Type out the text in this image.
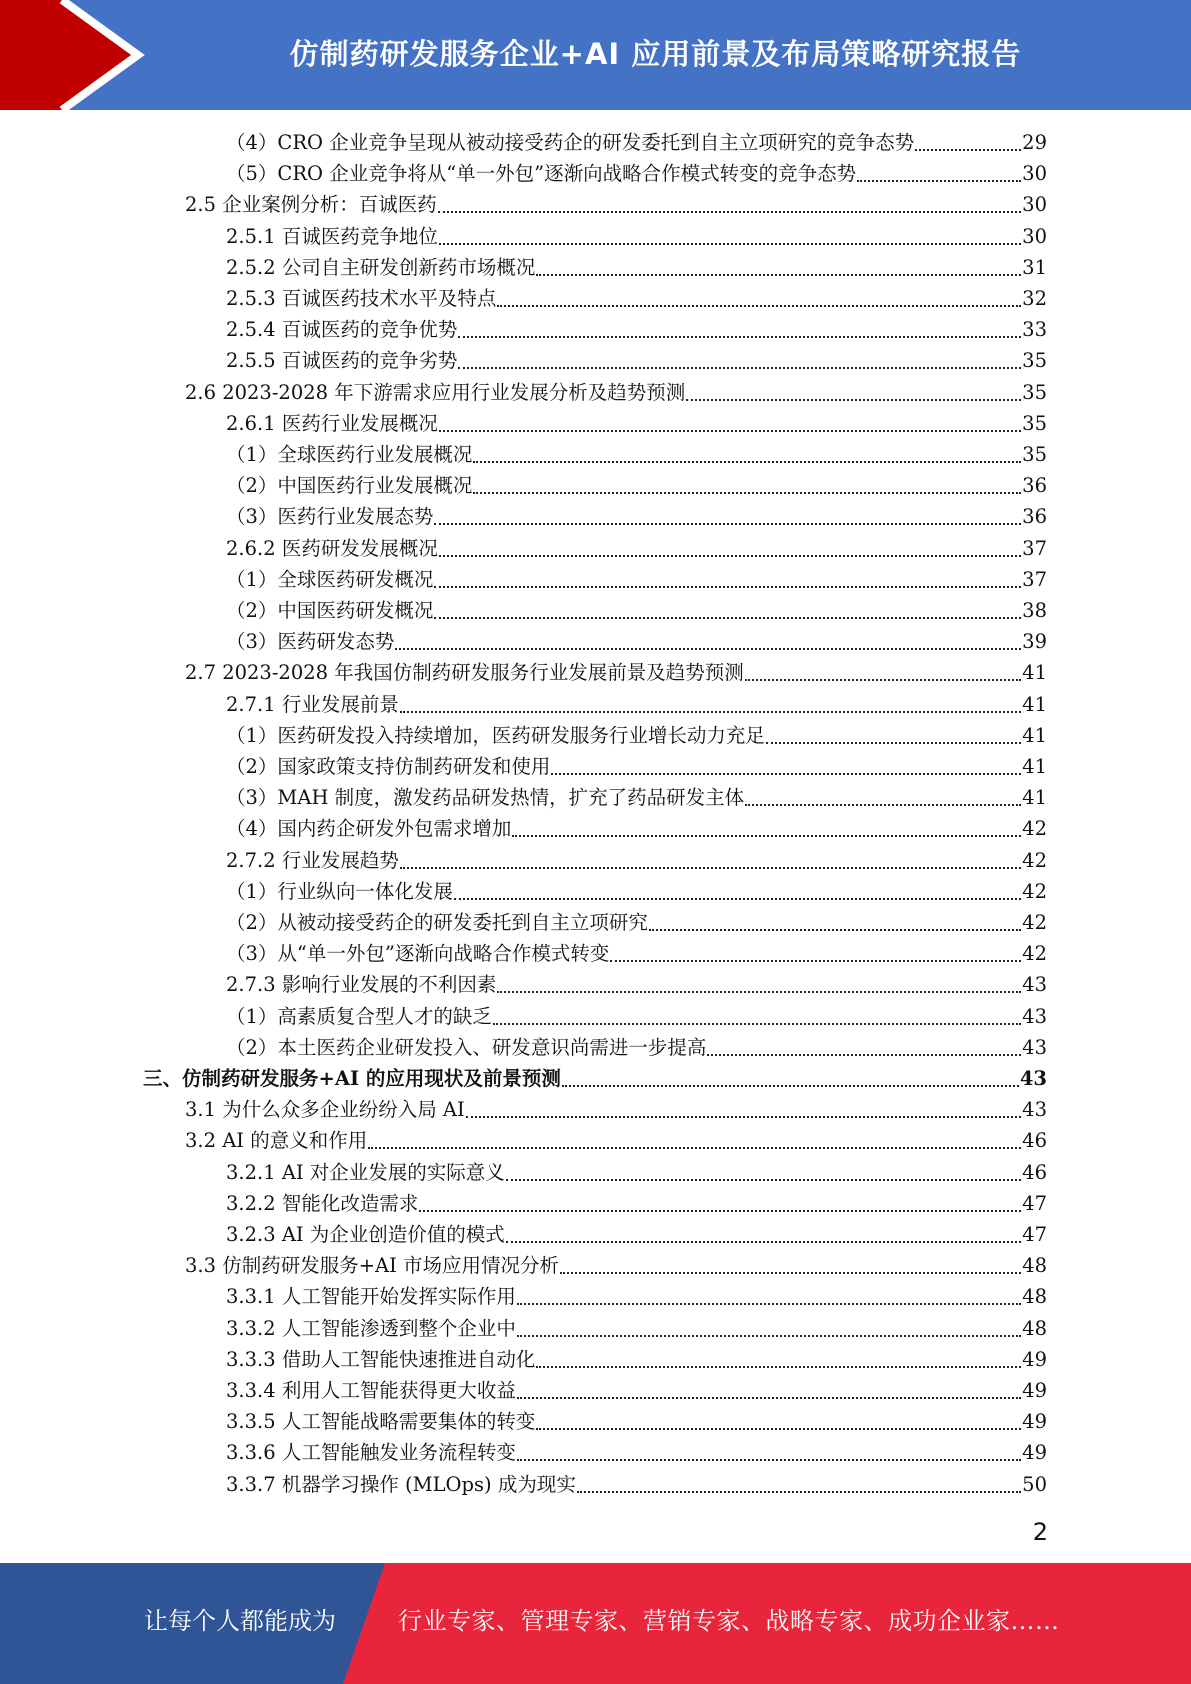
仿制药研发服务企业+AI 应用前景及布局策略研究报告
（4）CRO 企业竞争呈现从被动接受药企的研发委托到自主立项研究的竞争态势	29
（5）CRO 企业竞争将从“单一外包”逐渐向战略合作模式转变的竞争态势	30
2.5 企业案例分析：百诚医药	30
2.5.1 百诚医药竞争地位	30
2.5.2 公司自主研发创新药市场概况	31
2.5.3 百诚医药技术水平及特点	32
2.5.4 百诚医药的竞争优势	33
2.5.5 百诚医药的竞争劣势	35
2.6 2023-2028 年下游需求应用行业发展分析及趋势预测	35
2.6.1 医药行业发展概况	35
（1）全球医药行业发展概况	35
（2）中国医药行业发展概况	36
（3）医药行业发展态势	36
2.6.2 医药研发发展概况	37
（1）全球医药研发概况	37
（2）中国医药研发概况	38
（3）医药研发态势	39
2.7 2023-2028 年我国仿制药研发服务行业发展前景及趋势预测	41
2.7.1 行业发展前景	41
（1）医药研发投入持续增加，医药研发服务行业增长动力充足	41
（2）国家政策支持仿制药研发和使用	41
（3）MAH 制度，激发药品研发热情，扩充了药品研发主体	41
（4）国内药企研发外包需求增加	42
2.7.2 行业发展趋势	42
（1）行业纵向一体化发展	42
（2）从被动接受药企的研发委托到自主立项研究	42
（3）从“单一外包”逐渐向战略合作模式转变	42
2.7.3 影响行业发展的不利因素	43
（1）高素质复合型人才的缺乏	43
（2）本土医药企业研发投入、研发意识尚需进一步提高	43
三、仿制药研发服务+AI 的应用现状及前景预测	43
3.1 为什么众多企业纷纷入局 AI	43
3.2 AI 的意义和作用	46
3.2.1 AI 对企业发展的实际意义	46
3.2.2 智能化改造需求	47
3.2.3 AI 为企业创造价值的模式	47
3.3 仿制药研发服务+AI 市场应用情况分析	48
3.3.1 人工智能开始发挥实际作用	48
3.3.2 人工智能渗透到整个企业中	48
3.3.3 借助人工智能快速推进自动化	49
3.3.4 利用人工智能获得更大收益	49
3.3.5 人工智能战略需要集体的转变	49
3.3.6 人工智能触发业务流程转变	49
3.3.7 机器学习操作 (MLOps) 成为现实	50
2
让每个人都能成为	行业专家、管理专家、营销专家、战略专家、成功企业家……
